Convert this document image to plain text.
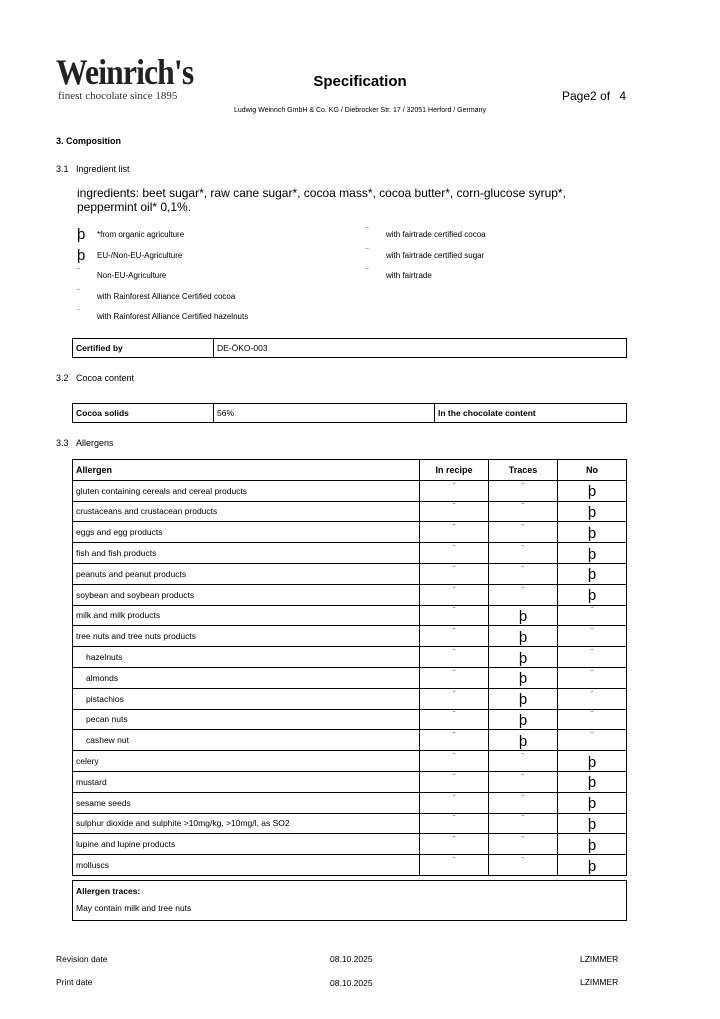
Weinrich's
finest chocolate since 1895
Specification
Ludwig Weinrich GmbH & Co. KG / Diebrocker Str. 17 / 32051 Herford / Germany
Page2 of 4
3. Composition
3.1 Ingredient list
ingredients: beet sugar*, raw cane sugar*, cocoa mass*, cocoa butter*, corn-glucose syrup*, peppermint oil* 0,1%.
þ	*from organic agriculture
þ	EU-/Non-EU-Agriculture
¨	Non-EU-Agriculture
¨	with Rainforest Alliance Certified cocoa
¨	with Rainforest Alliance Certified hazelnuts
¨	with fairtrade certified cocoa
¨	with fairtrade certified sugar
¨	with fairtrade
Certified by	DE-ÖKO-003
3.2 Cocoa content
Cocoa solids	56%	In the chocolate content
3.3 Allergens
Allergen	In recipe	Traces	No
gluten containing cereals and cereal products	¨	¨	þ
crustaceans and crustacean products	¨	¨	þ
eggs and egg products	¨	¨	þ
fish and fish products	¨	¨	þ
peanuts and peanut products	¨	¨	þ
soybean and soybean products	¨	¨	þ
milk and milk products	¨	þ	¨
tree nuts and tree nuts products	¨	þ	¨
hazelnuts	¨	þ	¨
almonds	¨	þ	¨
pistachios	¨	þ	¨
pecan nuts	¨	þ	¨
cashew nut	¨	þ	¨
celery	¨	¨	þ
mustard	¨	¨	þ
sesame seeds	¨	¨	þ
sulphur dioxide and sulphite >10mg/kg, >10mg/l, as SO2	¨	¨	þ
lupine and lupine products	¨	¨	þ
molluscs	¨	¨	þ
Allergen traces:
May contain milk and tree nuts
Revision date	08.10.2025	LZIMMER
Print date	08.10.2025	LZIMMER
